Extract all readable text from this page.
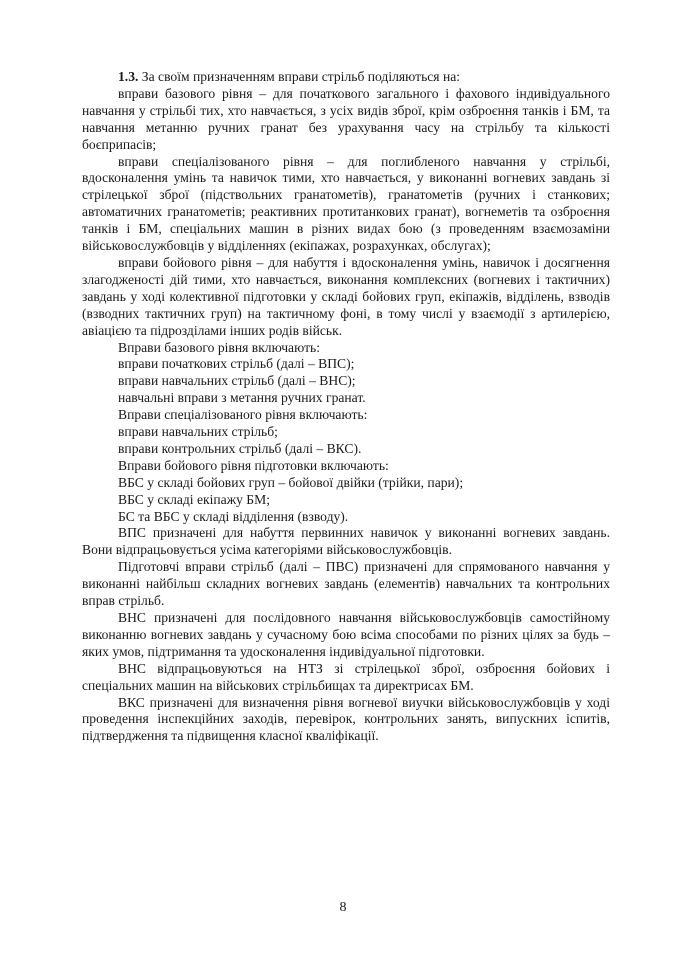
1.3. За своїм призначенням вправи стрільб поділяються на:

вправи базового рівня – для початкового загального і фахового індивідуального навчання у стрільбі тих, хто навчається, з усіх видів зброї, крім озброєння танків і БМ, та навчання метанню ручних гранат без урахування часу на стрільбу та кількості боєприпасів;

вправи спеціалізованого рівня – для поглибленого навчання у стрільбі, вдосконалення умінь та навичок тими, хто навчається, у виконанні вогневих завдань зі стрілецької зброї (підствольних гранатометів), гранатометів (ручних і станкових; автоматичних гранатометів; реактивних протитанкових гранат), вогнеметів та озброєння танків і БМ, спеціальних машин в різних видах бою (з проведенням взаємозаміни військовослужбовців у відділеннях (екіпажах, розрахунках, обслугах);

вправи бойового рівня – для набуття і вдосконалення умінь, навичок і досягнення злагодженості дій тими, хто навчається, виконання комплексних (вогневих і тактичних) завдань у ході колективної підготовки у складі бойових груп, екіпажів, відділень, взводів (взводних тактичних груп) на тактичному фоні, в тому числі у взаємодії з артилерією, авіацією та підрозділами інших родів військ.

Вправи базового рівня включають:

вправи початкових стрільб (далі – ВПС);

вправи навчальних стрільб (далі – ВНС);

навчальні вправи з метання ручних гранат.

Вправи спеціалізованого рівня включають:

вправи навчальних стрільб;

вправи контрольних стрільб (далі – ВКС).

Вправи бойового рівня підготовки включають:

ВБС у складі бойових груп – бойової двійки (трійки, пари);

ВБС у складі екіпажу БМ;

БС та ВБС у складі відділення (взводу).

ВПС призначені для набуття первинних навичок у виконанні вогневих завдань. Вони відпрацьовується усіма категоріями військовослужбовців.

Підготовчі вправи стрільб (далі – ПВС) призначені для спрямованого навчання у виконанні найбільш складних вогневих завдань (елементів) навчальних та контрольних вправ стрільб.

ВНС призначені для послідовного навчання військовослужбовців самостійному виконанню вогневих завдань у сучасному бою всіма способами по різних цілях за будь – яких умов, підтримання та удосконалення індивідуальної підготовки.

ВНС відпрацьовуються на НТЗ зі стрілецької зброї, озброєння бойових і спеціальних машин на військових стрільбищах та директрисах БМ.

ВКС призначені для визначення рівня вогневої виучки військовослужбовців у ході проведення інспекційних заходів, перевірок, контрольних занять, випускних іспитів, підтвердження та підвищення класної кваліфікації.

8
